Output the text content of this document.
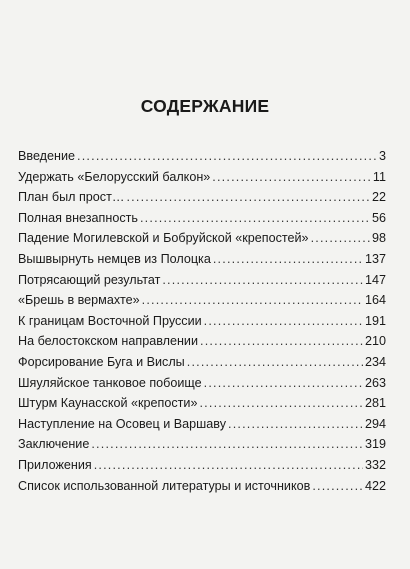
СОДЕРЖАНИЕ
Введение .....	3
Удержать «Белорусский балкон» .....	11
План был прост… .....	22
Полная внезапность .....	56
Падение Могилевской и Бобруйской «крепостей» .....	98
Вышвырнуть немцев из Полоцка .....	137
Потрясающий результат .....	147
«Брешь в вермахте» .....	164
К границам Восточной Пруссии .....	191
На белостокском направлении .....	210
Форсирование Буга и Вислы .....	234
Шяуляйское танковое побоище .....	263
Штурм Каунасской «крепости» .....	281
Наступление на Осовец и Варшаву .....	294
Заключение .....	319
Приложения .....	332
Список использованной литературы и источников .....	422
